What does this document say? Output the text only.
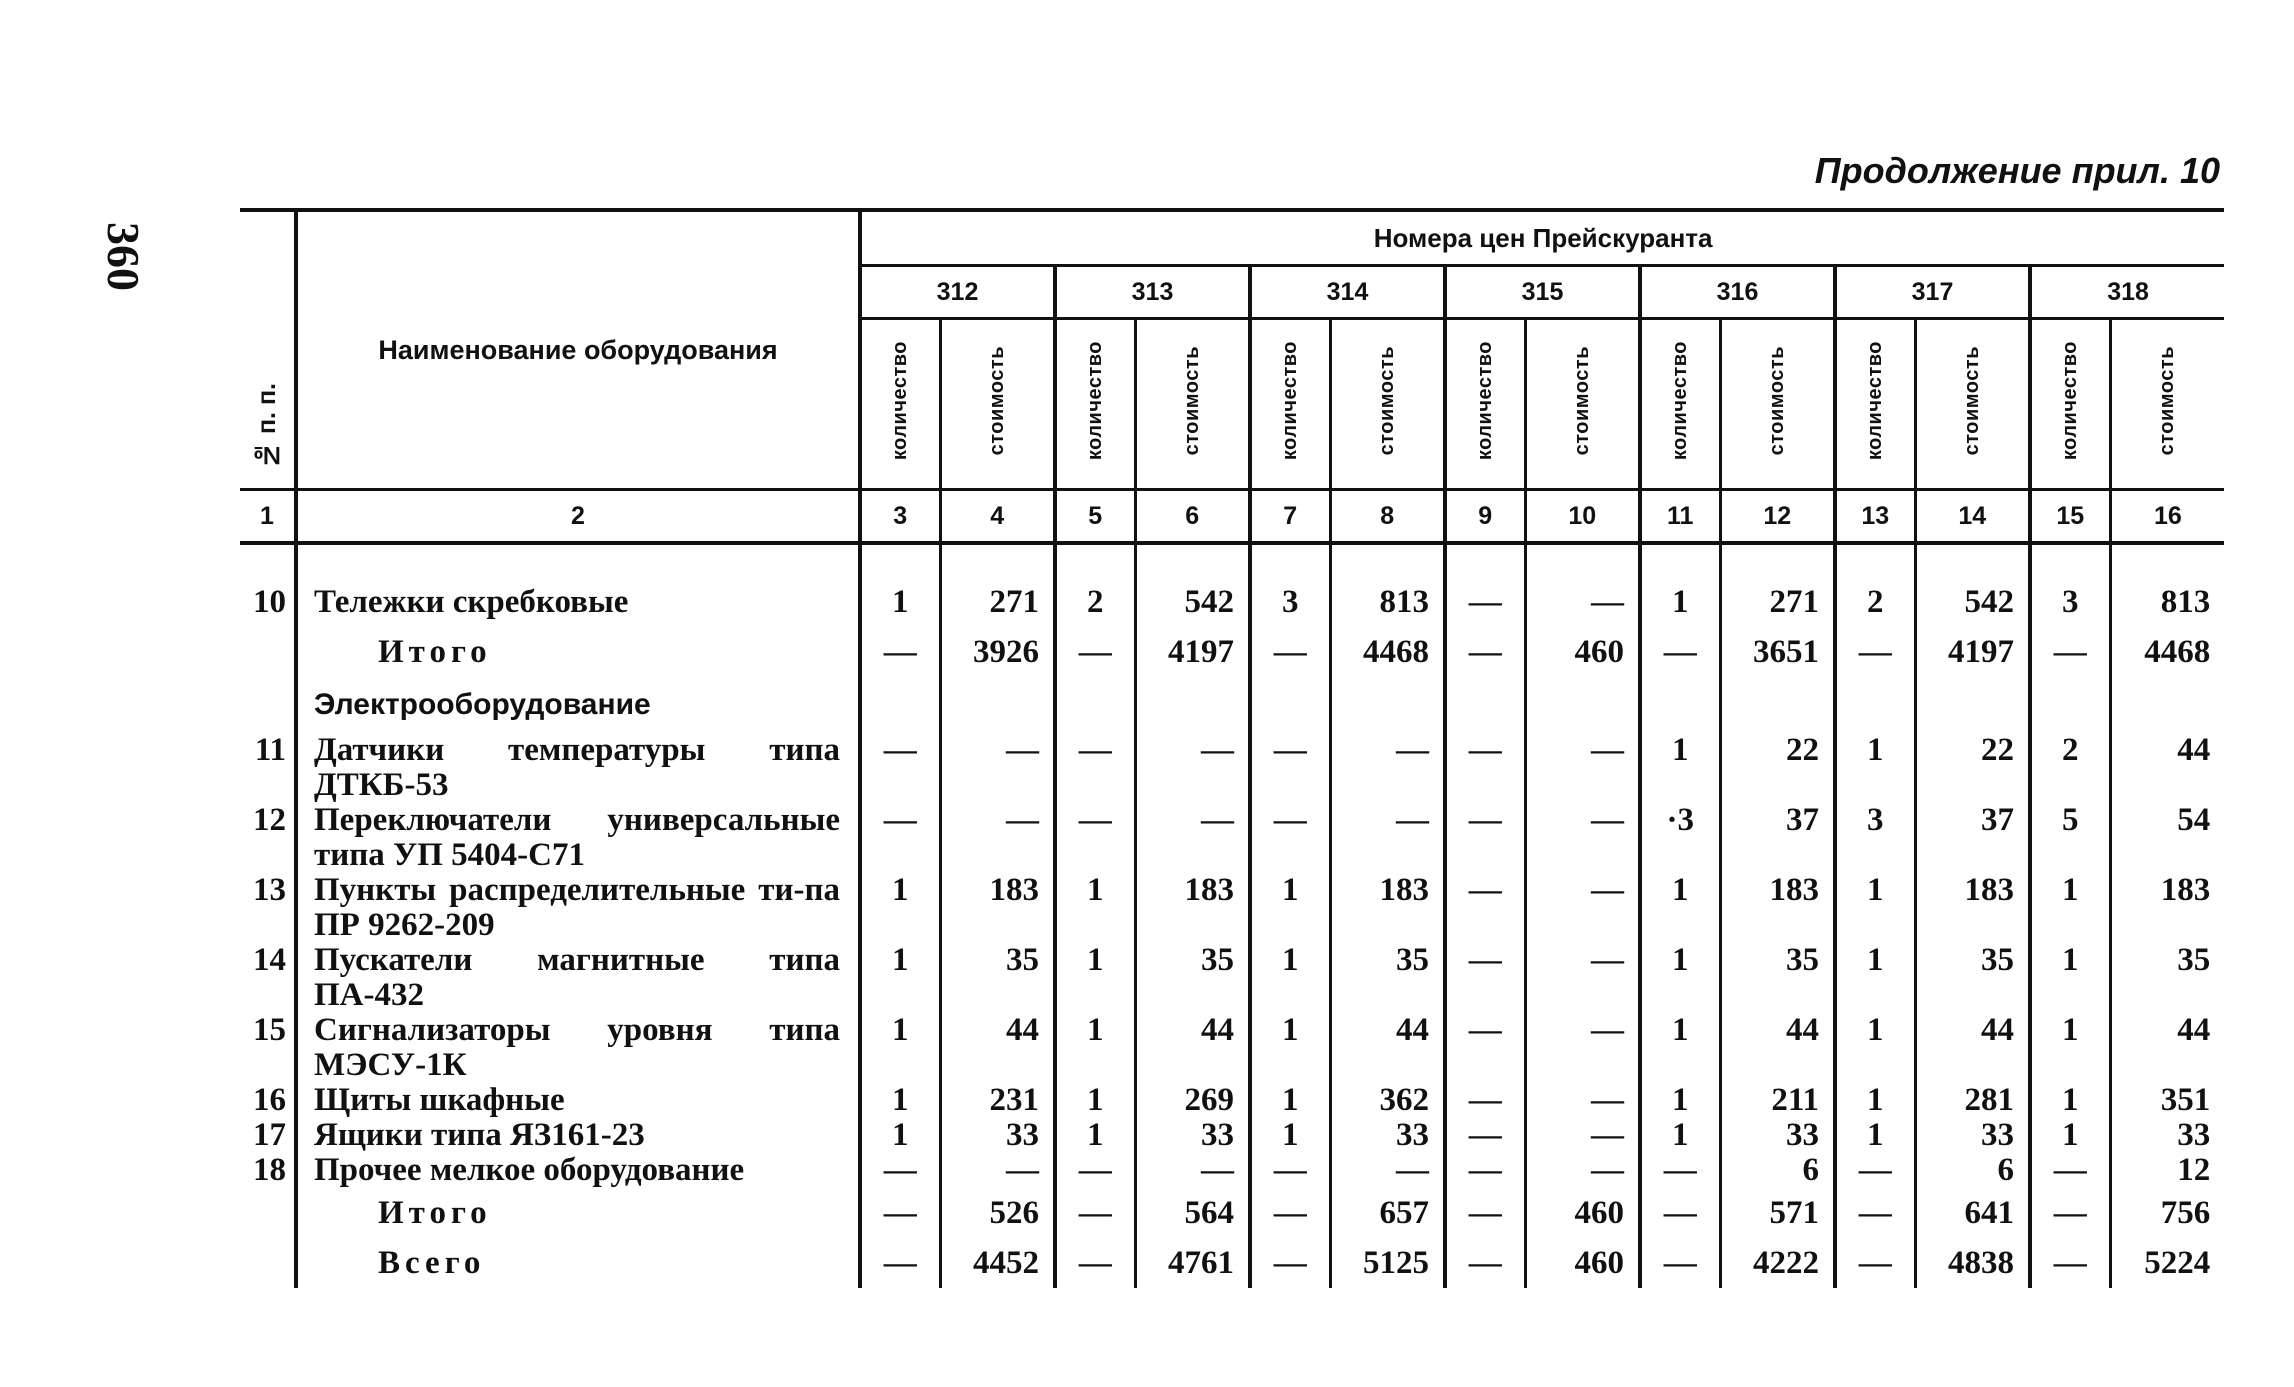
360
Продолжение прил. 10
№ п. п.	Наименование оборудования	Номера цен Прейскуранта													
		312		313		314		315		316		317		318	
		количество	стоимость	количество	стоимость	количество	стоимость	количество	стоимость	количество	стоимость	количество	стоимость	количество	стоимость
1	2	3	4	5	6	7	8	9	10	11	12	13	14	15	16

10	Тележки скребковые	1	271	2	542	3	813	—	—	1	271	2	542	3	813
	Итого	—	3926	—	4197	—	4468	—	460	—	3651	—	4197	—	4468
	Электрооборудование														
11	Датчики температуры типа ДТКБ-53	—	—	—	—	—	—	—	—	1	22	1	22	2	44
12	Переключатели универсальные типа УП 5404-С71	—	—	—	—	—	—	—	—	·3	37	3	37	5	54
13	Пункты распределительные ти-па ПР 9262-209	1	183	1	183	1	183	—	—	1	183	1	183	1	183
14	Пускатели магнитные типа ПА-432	1	35	1	35	1	35	—	—	1	35	1	35	1	35
15	Сигнализаторы уровня типа МЭСУ-1К	1	44	1	44	1	44	—	—	1	44	1	44	1	44
16	Щиты шкафные	1	231	1	269	1	362	—	—	1	211	1	281	1	351
17	Ящики типа ЯЗ161-23	1	33	1	33	1	33	—	—	1	33	1	33	1	33
18	Прочее мелкое оборудование	—	—	—	—	—	—	—	—	—	6	—	6	—	12
	Итого	—	526	—	564	—	657	—	460	—	571	—	641	—	756
	Всего	—	4452	—	4761	—	5125	—	460	—	4222	—	4838	—	5224
